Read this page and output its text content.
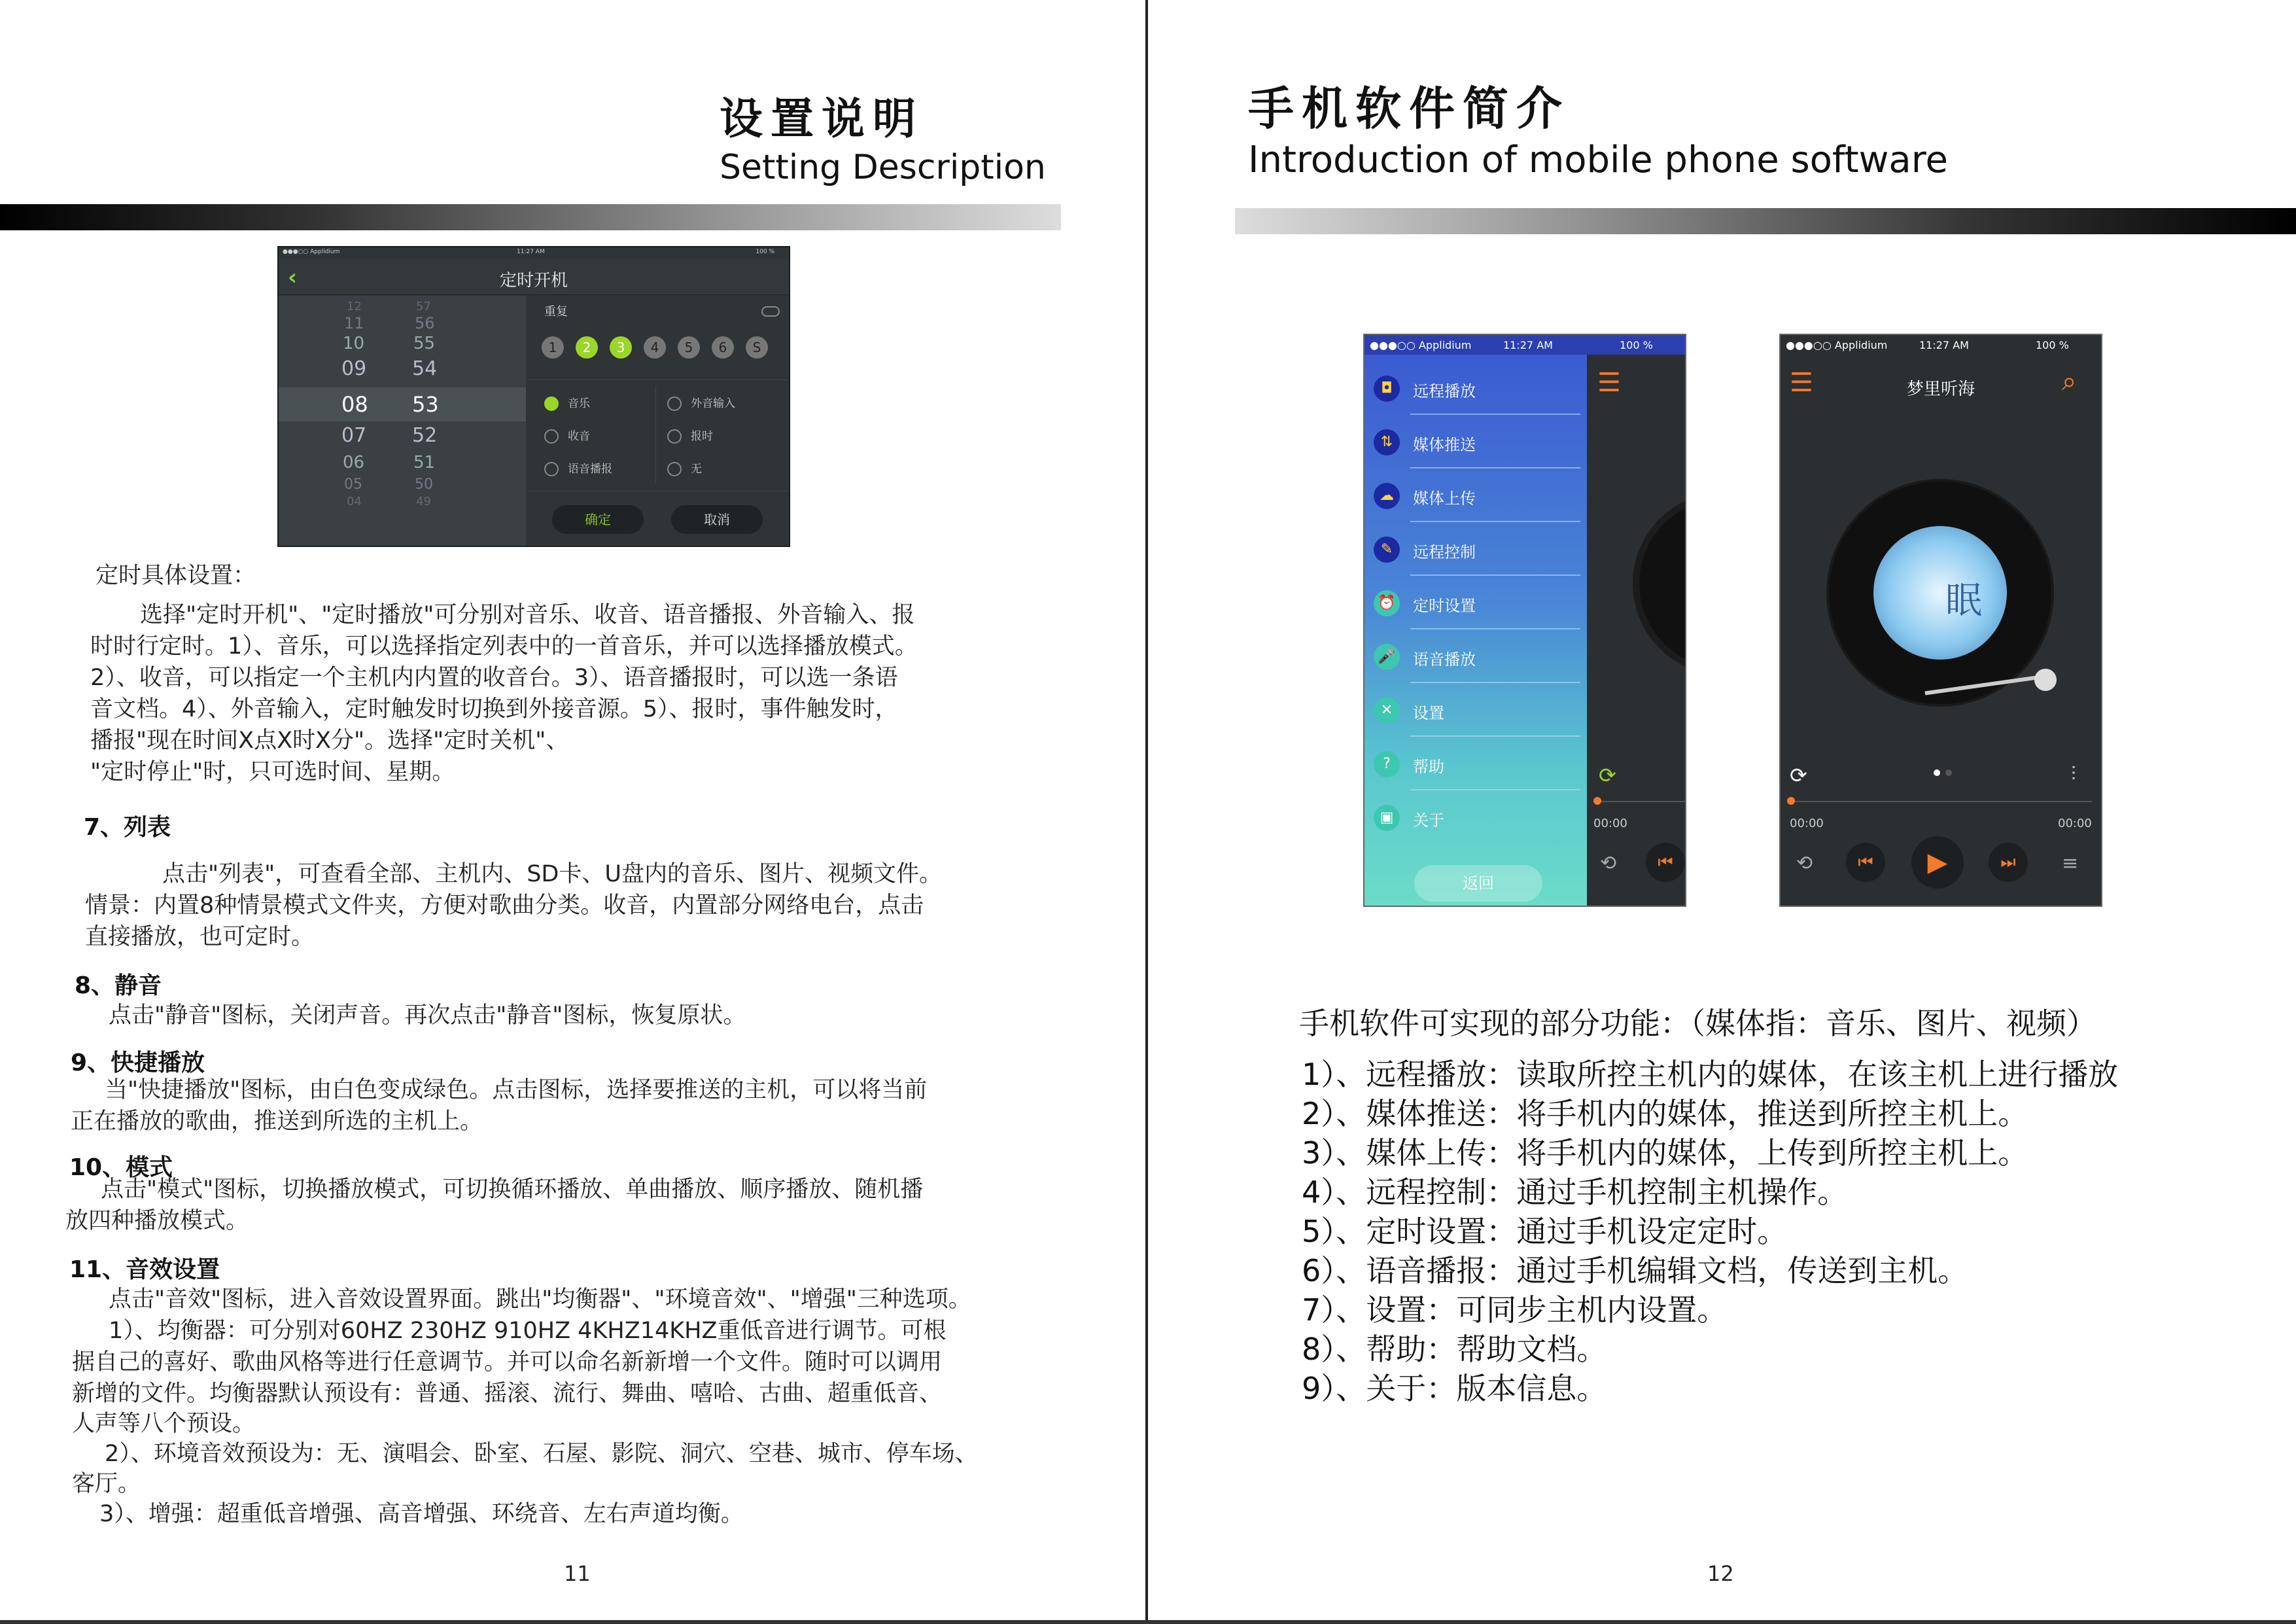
设置说明
Setting Description
●●●○○ Applidium	11:27 AM	100 %
‹	定时开机
12	57
11	56
10	55
09 54
08 53
07 52
06	51
05	50
04	49
重复
1	2	3	4	5	6	S
音乐	外音输入
收音	报时
语音播报	无
确定	取消
定时具体设置：
选择"定时开机"、"定时播放"可分别对音乐、收音、语音播报、外音输入、报
时时行定时。1）、音乐，可以选择指定列表中的一首音乐，并可以选择播放模式。
2）、收音，可以指定一个主机内内置的收音台。3）、语音播报时，可以选一条语
音文档。4）、外音输入，定时触发时切换到外接音源。5）、报时，事件触发时，
播报"现在时间X点X时X分"。选择"定时关机"、
"定时停止"时，只可选时间、星期。
7、列表
点击"列表"，可查看全部、主机内、SD卡、U盘内的音乐、图片、视频文件。
情景：内置8种情景模式文件夹，方便对歌曲分类。收音，内置部分网络电台，点击
直接播放，也可定时。
8、静音
点击"静音"图标，关闭声音。再次点击"静音"图标，恢复原状。
9、快捷播放
当"快捷播放"图标，由白色变成绿色。点击图标，选择要推送的主机，可以将当前
正在播放的歌曲，推送到所选的主机上。
10、模式
点击"模式"图标，切换播放模式，可切换循环播放、单曲播放、顺序播放、随机播
放四种播放模式。
11、音效设置
点击"音效"图标，进入音效设置界面。跳出"均衡器"、"环境音效"、"增强"三种选项。
1）、均衡器：可分别对60HZ 230HZ 910HZ 4KHZ14KHZ重低音进行调节。可根
据自己的喜好、歌曲风格等进行任意调节。并可以命名新新增一个文件。随时可以调用
新增的文件。均衡器默认预设有：普通、摇滚、流行、舞曲、嘻哈、古曲、超重低音、
人声等八个预设。
2）、环境音效预设为：无、演唱会、卧室、石屋、影院、洞穴、空巷、城市、停车场、
客厅。
3）、增强：超重低音增强、高音增强、环绕音、左右声道均衡。
11
手机软件简介
Introduction of mobile phone software
●●●○○ Applidium	11:27 AM	100 %
◘	远程播放
⇅	媒体推送
☁	媒体上传
✎	远程控制
⏰ 定时设置
🎤 语音播放
✕	设置
?	帮助
▣	关于
返回
☰
⟳
00:00
⟲	⏮
●●●○○ Applidium	11:27 AM	100 %
☰	梦里听海	⌕
眠
⟳	⫶
00:00	00:00
⟲	⏮	▶	⏭	≡
手机软件可实现的部分功能：（媒体指：音乐、图片、视频）
1）、远程播放：读取所控主机内的媒体，在该主机上进行播放
2）、媒体推送：将手机内的媒体，推送到所控主机上。
3）、媒体上传：将手机内的媒体，上传到所控主机上。
4）、远程控制：通过手机控制主机操作。
5）、定时设置：通过手机设定定时。
6）、语音播报：通过手机编辑文档，传送到主机。
7）、设置：可同步主机内设置。
8）、帮助：帮助文档。
9）、关于：版本信息。
12
